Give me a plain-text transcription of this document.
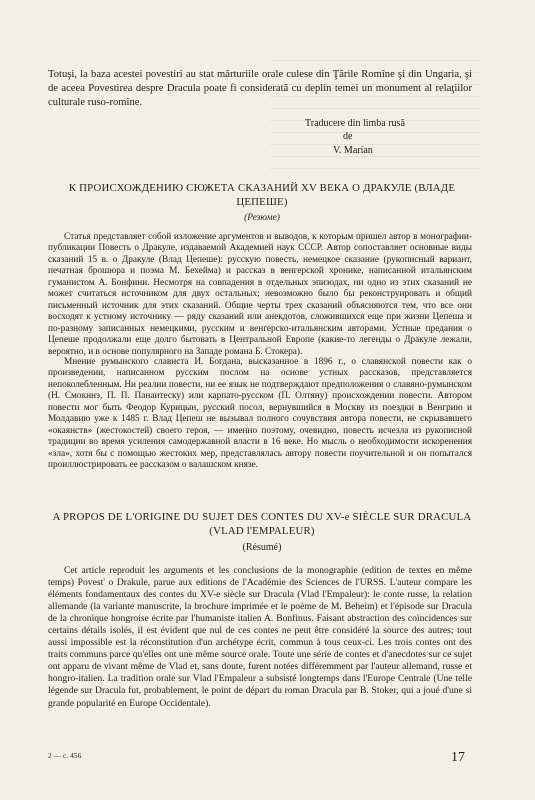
Totuşi, la baza acestei povestiri au stat mărturiile orale culese din Ţările Romîne şi din Ungaria, şi de aceea Povestirea despre Dracula poate fi considerată cu deplin temei un monument al relaţiilor culturale ruso-romîne.

Traducere din limba rusă
de
V. Marian
К ПРОИСХОЖДЕНИЮ СЮЖЕТА СКАЗАНИЙ XV ВЕКА О ДРАКУЛЕ (ВЛАДЕ ЦЕПЕШЕ)
(Резюме)

Статья представляет собой изложение аргументов и выводов, к которым пришел автор в монографии-публикации Повесть о Дракуле, издаваемой Академией наук СССР. Автор сопоставляет основные виды сказаний 15 в. о Дракуле (Влад Цепеше): русскую повесть, немецкое сказание (рукописный вариант, печатная брошюра и поэма М. Бехейма) и рассказ в венгерской хронике, написанной итальянским гуманистом А. Бонфини. Несмотря на совпадения в отдельных эпизодах, ни одно из этих сказаний не может считаться источником для двух остальных; невозможно было бы реконструировать и общий письменный источник для этих сказаний. Общие черты трех сказаний объясняются тем, что все они восходят к устному источнику — ряду сказаний или анекдотов, сложившихся еще при жизни Цепеша и по-разному записанных немецкими, русским и венгерско-итальянским авторами. Устные предания о Цепеше продолжали еще долго бытовать в Центральной Европе (какие-то легенды о Дракуле лежали, вероятно, и в основе популярного на Западе романа Б. Стокера).

Мнение румынского слависта И. Богдана, высказанное в 1896 г., о славянской повести как о произведении, написанном русским послом на основе устных рассказов, представляется непоколебленным. Ни реалии повести, ни ее язык не подтверждают предположения о славяно-румынском (Н. Смокинэ, П. П. Панаитеску) или карпато-русском (П. Олтяну) происхождении повести. Автором повести мог быть Феодор Курицын, русский посол, вернувшийся в Москву из поездки в Венгрию и Молдавию уже к 1485 г. Влад Цепеш не вызывал полного сочувствия автора повести, не скрывавшего «окаянств» (жестокостей) своего героя, — именно поэтому, очевидно, повесть исчезла из рукописной традиции во время усиления самодержавной власти в 16 веке. Но мысль о необходимости искоренения «зла», хотя бы с помощью жестоких мер, представлялась автору повести поучительной и он попытался проиллюстрировать ее рассказом о валашском князе.

A PROPOS DE L'ORIGINE DU SUJET DES CONTES DU XV-e SIÈCLE SUR DRACULA (VLAD l'EMPALEUR)
(Résumé)

Cet article reproduit les arguments et les conclusions de la monographie (edition de textes en même temps) Povest' o Drakule, parue aux editions de l'Académie des Sciences de l'URSS. L'auteur compare les éléments fondamentaux des contes du XV-e siècle sur Dracula (Vlad l'Empaleur): le conte russe, la relation allemande (la variante manuscrite, la brochure imprimée et le poème de M. Beheim) et l'épisode sur Dracula de la chronique hongroise écrite par l'humaniste italien A. Bonfinus. Faisant abstraction des coïncidences sur certains détails isolés, il est évident que nul de ces contes ne peut être considéré la source des autres; tout aussi impossible est la réconstitution d'un archétype écrit, commun à tous ceux-ci. Les trois contes ont des traits communs parce qu'elles ont une même source orale. Toute une série de contes et d'anecdotes sur ce sujet ont apparu de vivant même de Vlad et, sans doute, furent notées différemment par l'auteur allemand, russe et hongro-italien. La tradition orale sur Vlad l'Empaleur a subsisté longtemps dans l'Europe Centrale (Une telle légende sur Dracula fut, probablement, le point de départ du roman Dracula par B. Stoker, qui a joué d'une si grande popularité en Europe Occidentale).

2 — c. 456	17
